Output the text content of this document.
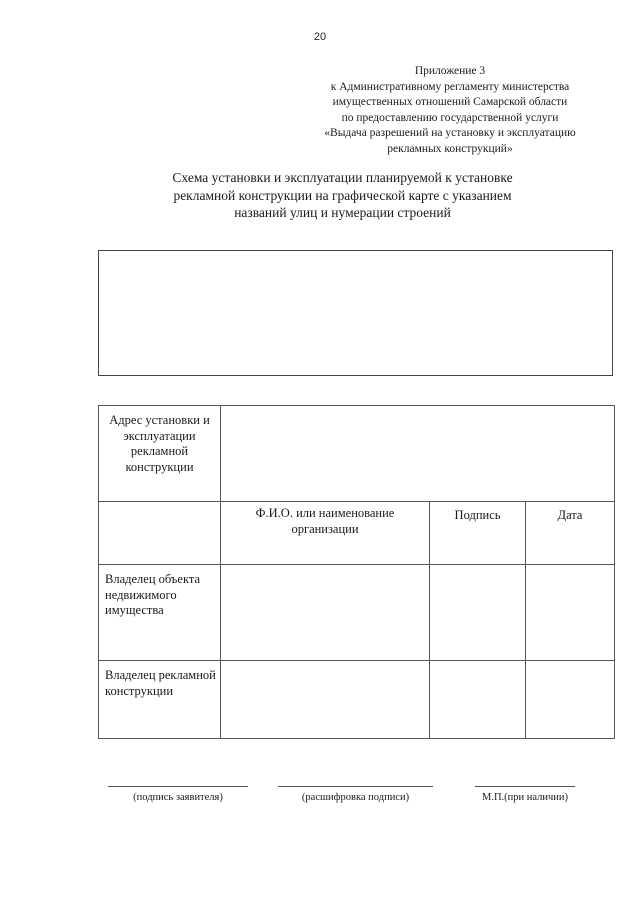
20
Приложение 3
к Административному регламенту министерства
имущественных отношений Самарской области
по предоставлению государственной услуги
«Выдача разрешений на установку и эксплуатацию
рекламных конструкций»
Схема установки и эксплуатации планируемой к установке
рекламной конструкции на графической карте с указанием
названий улиц и нумерации строений
Адрес установки и эксплуатации рекламной конструкции			
	Ф.И.О. или наименование организации	Подпись	Дата
Владелец объекта недвижимого имущества			
Владелец рекламной конструкции			
(подпись заявителя)	(расшифровка подписи)	М.П.(при наличии)
